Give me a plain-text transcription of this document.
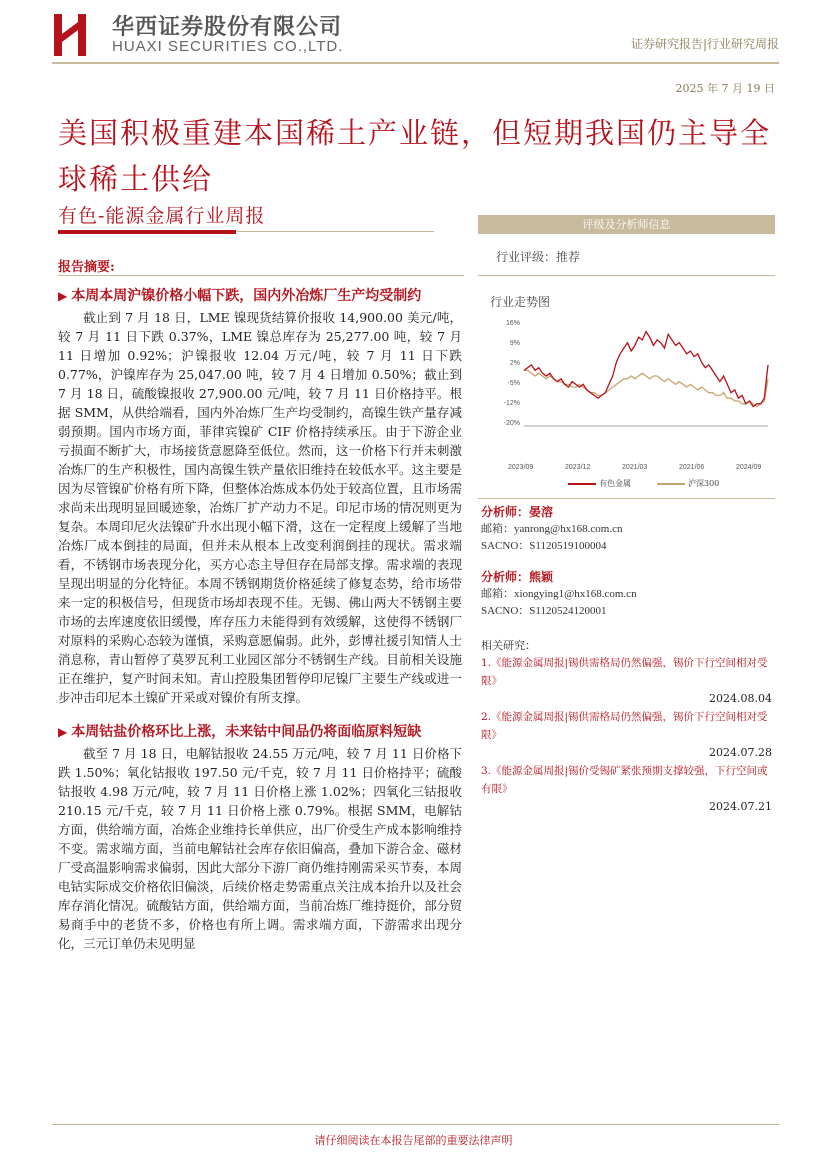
华西证券股份有限公司
HUAXI SECURITIES CO.,LTD.	证券研究报告|行业研究周报
2025 年 7 月 19 日
美国积极重建本国稀土产业链，但短期我国仍主导全球稀土供给
有色-能源金属行业周报
报告摘要:
▶ 本周本周沪镍价格小幅下跌，国内外冶炼厂生产均受制约

截止到 7 月 18 日，LME 镍现货结算价报收 14,900.00 美元/吨，较 7 月 11 日下跌 0.37%，LME 镍总库存为 25,277.00 吨，较 7 月 11 日增加 0.92%；沪镍报收 12.04 万元/吨，较 7 月 11 日下跌 0.77%，沪镍库存为 25,047.00 吨，较 7 月 4 日增加 0.50%；截止到 7 月 18 日，硫酸镍报收 27,900.00 元/吨，较 7 月 11 日价格持平。根据 SMM，从供给端看，国内外冶炼厂生产均受制约，高镍生铁产量存减弱预期。国内市场方面，菲律宾镍矿 CIF 价格持续承压。由于下游企业亏损面不断扩大，市场接货意愿降至低位。然而，这一价格下行并未刺激冶炼厂的生产积极性，国内高镍生铁产量依旧维持在较低水平。这主要是因为尽管镍矿价格有所下降，但整体冶炼成本仍处于较高位置，且市场需求尚未出现明显回暖迹象，冶炼厂扩产动力不足。印尼市场的情况则更为复杂。本周印尼火法镍矿升水出现小幅下滑，这在一定程度上缓解了当地冶炼厂成本倒挂的局面，但并未从根本上改变利润倒挂的现状。需求端看，不锈钢市场表现分化，买方心态主导但存在局部支撑。需求端的表现呈现出明显的分化特征。本周不锈钢期货价格延续了修复态势，给市场带来一定的积极信号，但现货市场却表现不佳。无锡、佛山两大不锈钢主要市场的去库速度依旧缓慢，库存压力未能得到有效缓解，这使得不锈钢厂对原料的采购心态较为谨慎，采购意愿偏弱。此外，彭博社援引知情人士消息称，青山暂停了莫罗瓦利工业园区部分不锈钢生产线。目前相关设施正在维护，复产时间未知。青山控股集团暂停印尼镍厂主要生产线或进一步冲击印尼本土镍矿开采或对镍价有所支撑。

▶ 本周钴盐价格环比上涨，未来钴中间品仍将面临原料短缺

截至 7 月 18 日，电解钴报收 24.55 万元/吨，较 7 月 11 日价格下跌 1.50%；氧化钴报收 197.50 元/千克，较 7 月 11 日价格持平；硫酸钴报收 4.98 万元/吨，较 7 月 11 日价格上涨 1.02%；四氧化三钴报收 210.15 元/千克，较 7 月 11 日价格上涨 0.79%。根据 SMM，电解钴方面，供给端方面，冶炼企业维持长单供应，出厂价受生产成本影响维持不变。需求端方面，当前电解钴社会库存依旧偏高，叠加下游合金、磁材厂受高温影响需求偏弱，因此大部分下游厂商仍维持刚需采买节奏，本周电钴实际成交价格依旧偏淡，后续价格走势需重点关注成本抬升以及社会库存消化情况。硫酸钴方面，供给端方面，当前冶炼厂维持挺价，部分贸易商手中的老货不多，价格也有所上调。需求端方面，下游需求出现分化，三元订单仍未见明显

评级及分析师信息
行业评级：推荐
行业走势图
16%
9%
2%
-5%
-12%
-20%
2023/09	2023/12	2021/03	2021/06	2024/09
有色金属	沪深300
分析师：晏溶
邮箱：yanrong@hx168.com.cn
SACNO：S1120519100004
分析师：熊颖
邮箱：xiongying1@hx168.com.cn
SACNO：S1120524120001
相关研究：
1.《能源金属周报|锡供需格局仍然偏强，锡价下行空间相对受限》
2024.08.04
2.《能源金属周报|锡供需格局仍然偏强，锡价下行空间相对受限》
2024.07.28
3.《能源金属周报|锡价受锡矿紧张预期支撑较强，下行空间或有限》
2024.07.21
请仔细阅读在本报告尾部的重要法律声明
